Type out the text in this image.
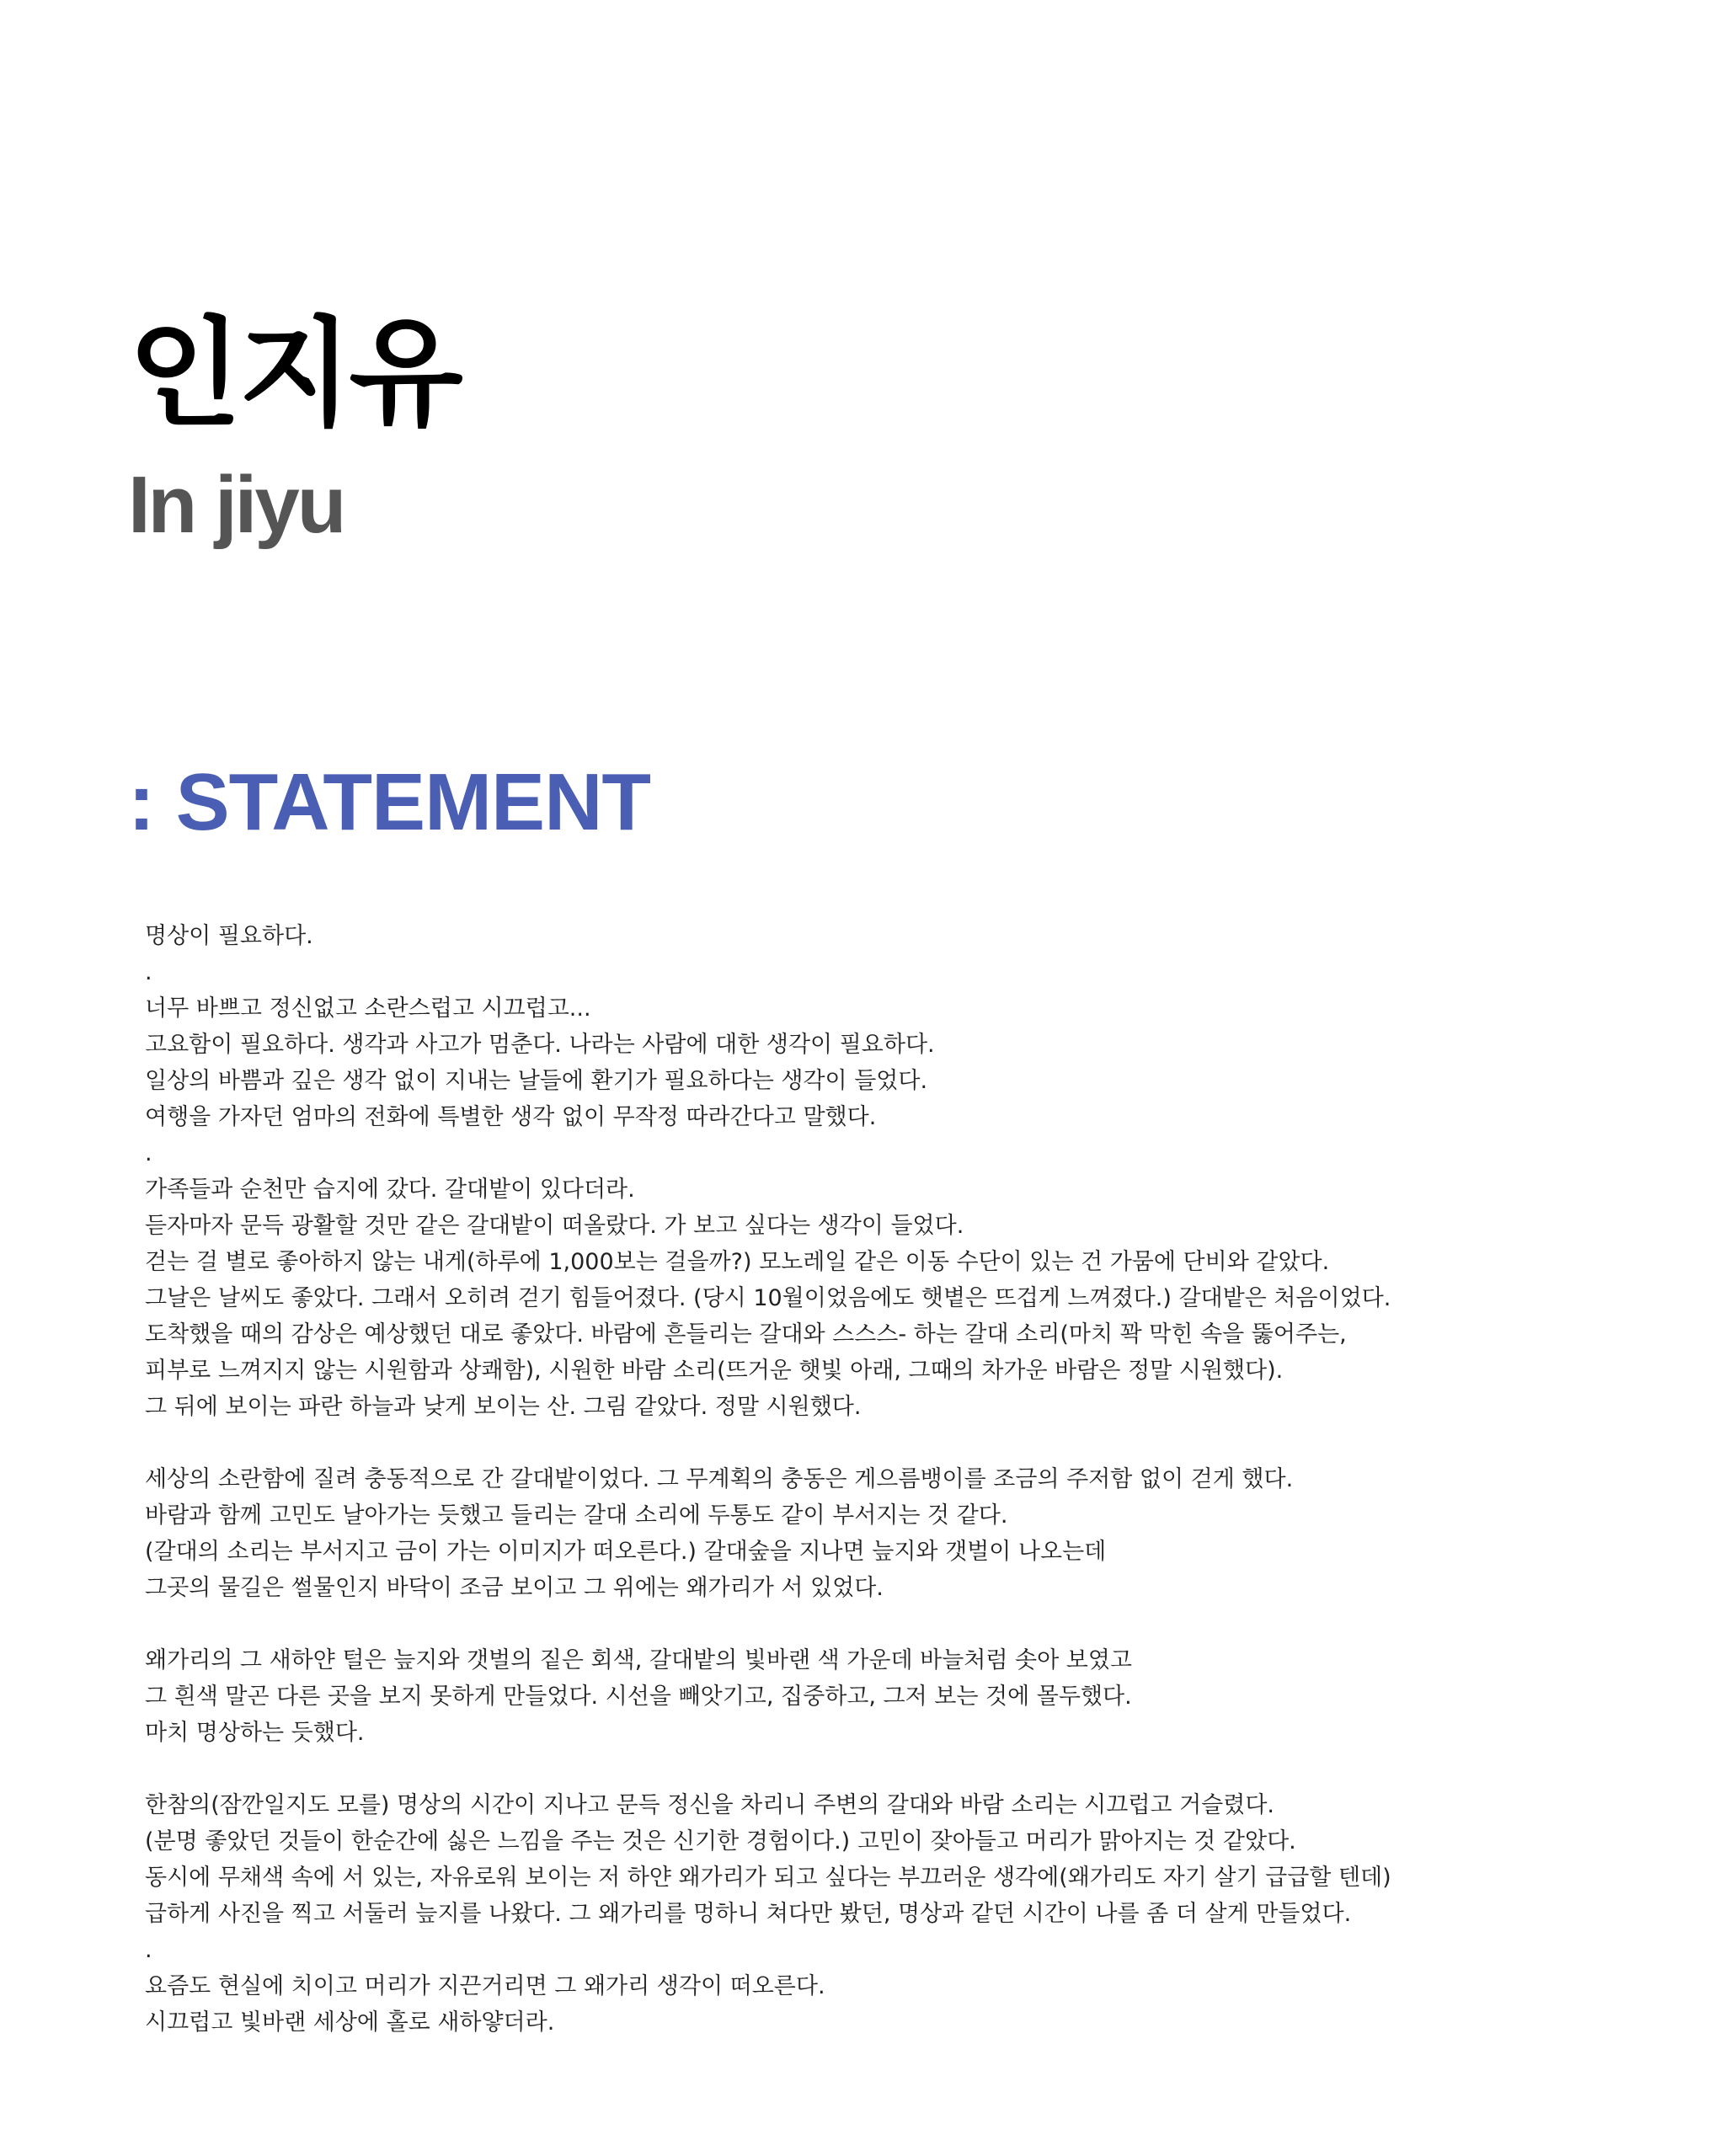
인지유
In jiyu
: STATEMENT
명상이 필요하다.
.
너무 바쁘고 정신없고 소란스럽고 시끄럽고...
고요함이 필요하다. 생각과 사고가 멈춘다. 나라는 사람에 대한 생각이 필요하다.
일상의 바쁨과 깊은 생각 없이 지내는 날들에 환기가 필요하다는 생각이 들었다.
여행을 가자던 엄마의 전화에 특별한 생각 없이 무작정 따라간다고 말했다.
.
가족들과 순천만 습지에 갔다. 갈대밭이 있다더라.
듣자마자 문득 광활할 것만 같은 갈대밭이 떠올랐다. 가 보고 싶다는 생각이 들었다.
걷는 걸 별로 좋아하지 않는 내게(하루에 1,000보는 걸을까?) 모노레일 같은 이동 수단이 있는 건 가뭄에 단비와 같았다.
그날은 날씨도 좋았다. 그래서 오히려 걷기 힘들어졌다. (당시 10월이었음에도 햇볕은 뜨겁게 느껴졌다.) 갈대밭은 처음이었다.
도착했을 때의 감상은 예상했던 대로 좋았다. 바람에 흔들리는 갈대와 스스스- 하는 갈대 소리(마치 꽉 막힌 속을 뚫어주는,
피부로 느껴지지 않는 시원함과 상쾌함), 시원한 바람 소리(뜨거운 햇빛 아래, 그때의 차가운 바람은 정말 시원했다).
그 뒤에 보이는 파란 하늘과 낮게 보이는 산. 그림 같았다. 정말 시원했다.
세상의 소란함에 질려 충동적으로 간 갈대밭이었다. 그 무계획의 충동은 게으름뱅이를 조금의 주저함 없이 걷게 했다.
바람과 함께 고민도 날아가는 듯했고 들리는 갈대 소리에 두통도 같이 부서지는 것 같다.
(갈대의 소리는 부서지고 금이 가는 이미지가 떠오른다.) 갈대숲을 지나면 늪지와 갯벌이 나오는데
그곳의 물길은 썰물인지 바닥이 조금 보이고 그 위에는 왜가리가 서 있었다.
왜가리의 그 새하얀 털은 늪지와 갯벌의 짙은 회색, 갈대밭의 빛바랜 색 가운데 바늘처럼 솟아 보였고
그 흰색 말곤 다른 곳을 보지 못하게 만들었다. 시선을 빼앗기고, 집중하고, 그저 보는 것에 몰두했다.
마치 명상하는 듯했다.
한참의(잠깐일지도 모를) 명상의 시간이 지나고 문득 정신을 차리니 주변의 갈대와 바람 소리는 시끄럽고 거슬렸다.
(분명 좋았던 것들이 한순간에 싫은 느낌을 주는 것은 신기한 경험이다.) 고민이 잦아들고 머리가 맑아지는 것 같았다.
동시에 무채색 속에 서 있는, 자유로워 보이는 저 하얀 왜가리가 되고 싶다는 부끄러운 생각에(왜가리도 자기 살기 급급할 텐데)
급하게 사진을 찍고 서둘러 늪지를 나왔다. 그 왜가리를 멍하니 쳐다만 봤던, 명상과 같던 시간이 나를 좀 더 살게 만들었다.
.
요즘도 현실에 치이고 머리가 지끈거리면 그 왜가리 생각이 떠오른다.
시끄럽고 빛바랜 세상에 홀로 새하얗더라.
